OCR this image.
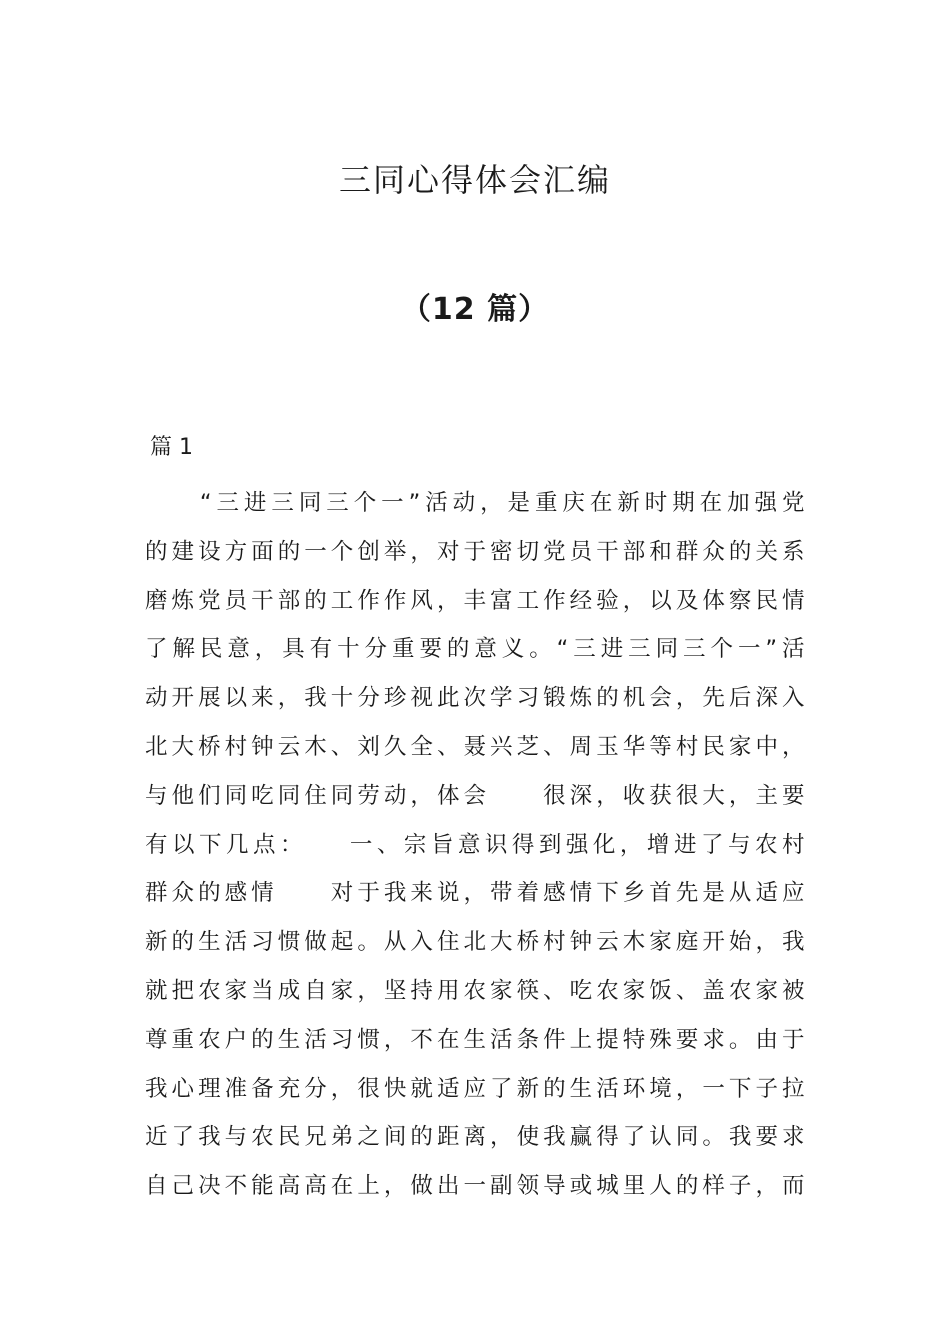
三同心得体会汇编
（12 篇）

篇 1

　　“三进三同三个一”活动，是重庆在新时期在加强党
的建设方面的一个创举，对于密切党员干部和群众的关系
磨炼党员干部的工作作风，丰富工作经验，以及体察民情
了解民意，具有十分重要的意义。“三进三同三个一”活
动开展以来，我十分珍视此次学习锻炼的机会，先后深入
北大桥村钟云木、刘久全、聂兴芝、周玉华等村民家中，
与他们同吃同住同劳动，体会　　很深，收获很大，主要
有以下几点：　　一、宗旨意识得到强化，增进了与农村
群众的感情　　对于我来说，带着感情下乡首先是从适应
新的生活习惯做起。从入住北大桥村钟云木家庭开始，我
就把农家当成自家，坚持用农家筷、吃农家饭、盖农家被
尊重农户的生活习惯，不在生活条件上提特殊要求。由于
我心理准备充分，很快就适应了新的生活环境，一下子拉
近了我与农民兄弟之间的距离，使我赢得了认同。我要求
自己决不能高高在上，做出一副领导或城里人的样子，而
